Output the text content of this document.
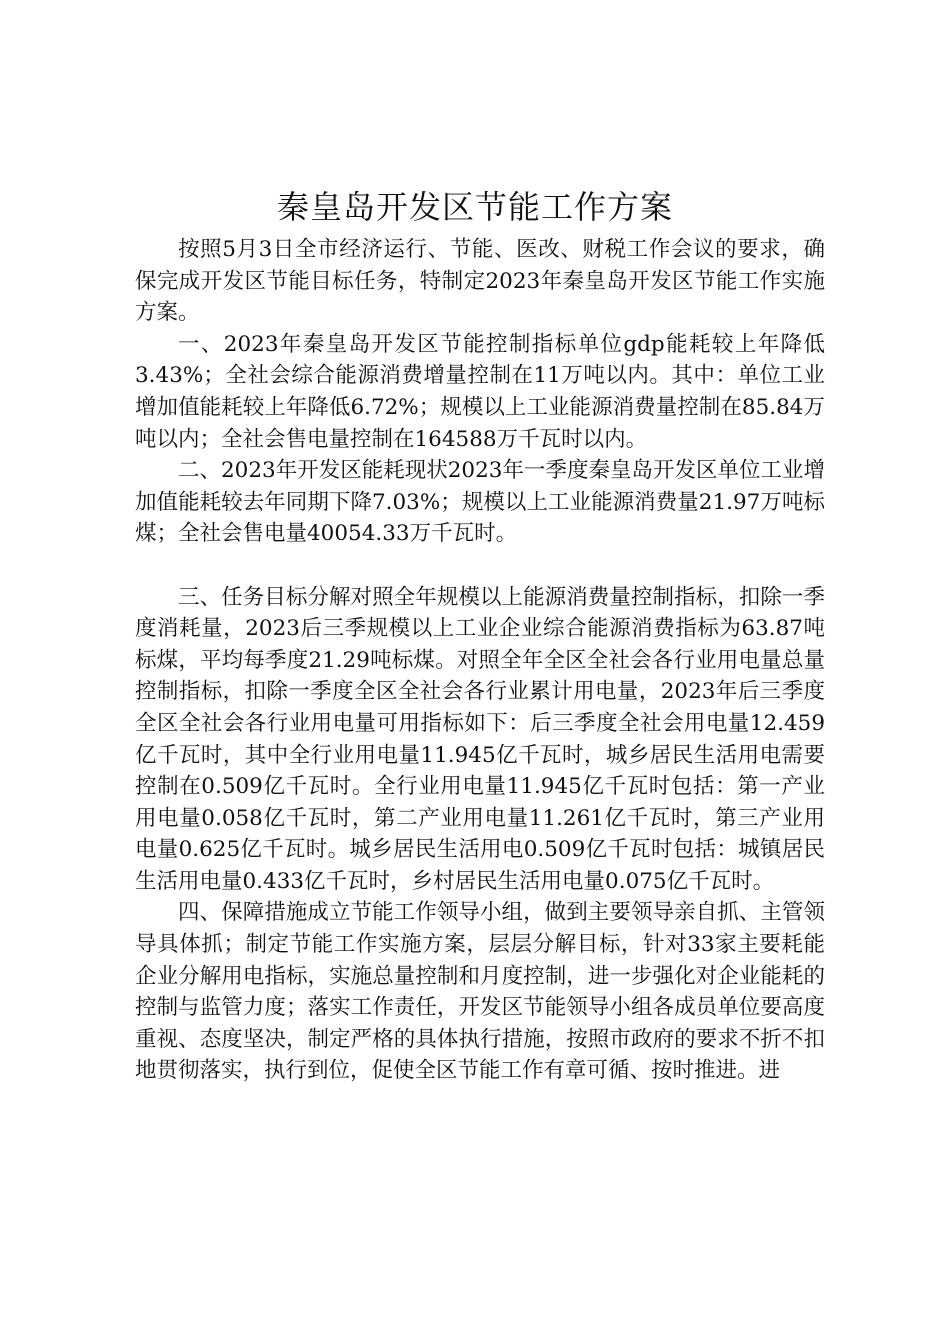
秦皇岛开发区节能工作方案

按照5月3日全市经济运行、节能、医改、财税工作会议的要求，确保完成开发区节能目标任务，特制定2023年秦皇岛开发区节能工作实施方案。

一、2023年秦皇岛开发区节能控制指标单位gdp能耗较上年降低3.43%；全社会综合能源消费增量控制在11万吨以内。其中：单位工业增加值能耗较上年降低6.72%；规模以上工业能源消费量控制在85.84万吨以内；全社会售电量控制在164588万千瓦时以内。

二、2023年开发区能耗现状2023年一季度秦皇岛开发区单位工业增加值能耗较去年同期下降7.03%；规模以上工业能源消费量21.97万吨标煤；全社会售电量40054.33万千瓦时。

三、任务目标分解对照全年规模以上能源消费量控制指标，扣除一季度消耗量，2023后三季规模以上工业企业综合能源消费指标为63.87吨标煤，平均每季度21.29吨标煤。对照全年全区全社会各行业用电量总量控制指标，扣除一季度全区全社会各行业累计用电量，2023年后三季度全区全社会各行业用电量可用指标如下：后三季度全社会用电量12.459亿千瓦时，其中全行业用电量11.945亿千瓦时，城乡居民生活用电需要控制在0.509亿千瓦时。全行业用电量11.945亿千瓦时包括：第一产业用电量0.058亿千瓦时，第二产业用电量11.261亿千瓦时，第三产业用电量0.625亿千瓦时。城乡居民生活用电0.509亿千瓦时包括：城镇居民生活用电量0.433亿千瓦时，乡村居民生活用电量0.075亿千瓦时。

四、保障措施成立节能工作领导小组，做到主要领导亲自抓、主管领导具体抓；制定节能工作实施方案，层层分解目标，针对33家主要耗能企业分解用电指标，实施总量控制和月度控制，进一步强化对企业能耗的控制与监管力度；落实工作责任，开发区节能领导小组各成员单位要高度重视、态度坚决，制定严格的具体执行措施，按照市政府的要求不折不扣地贯彻落实，执行到位，促使全区节能工作有章可循、按时推进。进
